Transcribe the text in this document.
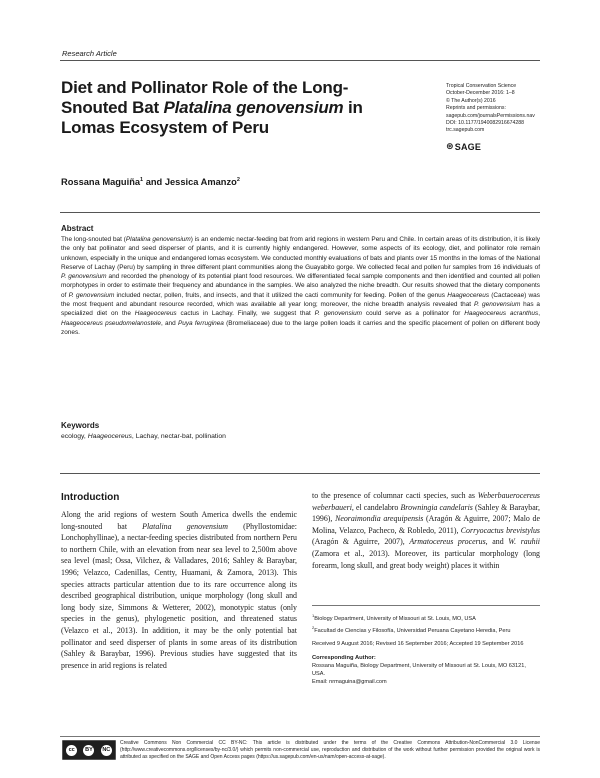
Research Article
Diet and Pollinator Role of the Long-Snouted Bat Platalina genovensium in Lomas Ecosystem of Peru
Tropical Conservation Science
October-December 2016: 1–8
© The Author(s) 2016
Reprints and permissions:
sagepub.com/journalsPermissions.nav
DOI: 10.1177/1940082916674288
trc.sagepub.com
⊛ SAGE
Rossana Maguiña$^1$ and Jessica Amanzo$^2$
Abstract
The long-snouted bat (Platalina genovensium) is an endemic nectar-feeding bat from arid regions in western Peru and Chile. In certain areas of its distribution, it is likely the only bat pollinator and seed disperser of plants, and it is currently highly endangered. However, some aspects of its ecology, diet, and pollinator role remain unknown, especially in the unique and endangered lomas ecosystem. We conducted monthly evaluations of bats and plants over 15 months in the lomas of the National Reserve of Lachay (Peru) by sampling in three different plant communities along the Guayabito gorge. We collected fecal and pollen fur samples from 16 individuals of P. genovensium and recorded the phenology of its potential plant food resources. We differentiated fecal sample components and then identified and counted all pollen morphotypes in order to estimate their frequency and abundance in the samples. We also analyzed the niche breadth. Our results showed that the dietary components of P. genovensium included nectar, pollen, fruits, and insects, and that it utilized the cacti community for feeding. Pollen of the genus Haageocereus (Cactaceae) was the most frequent and abundant resource recorded, which was available all year long; moreover, the niche breadth analysis revealed that P. genovensium has a specialized diet on the Haageocereus cactus in Lachay. Finally, we suggest that P. genovensium could serve as a pollinator for Haageocereus acranthus, Haageocereus pseudomelanostele, and Puya ferruginea (Bromeliaceae) due to the large pollen loads it carries and the specific placement of pollen on different body zones.
Keywords
ecology, Haageocereus, Lachay, nectar-bat, pollination
Introduction
Along the arid regions of western South America dwells the endemic long-snouted bat Platalina genovensium (Phyllostomidae: Lonchophyllinae), a nectar-feeding species distributed from northern Peru to northern Chile, with an elevation from near sea level to 2,500m above sea level (masl; Ossa, Vilchez, & Valladares, 2016; Sahley & Baraybar, 1996; Velazco, Cadenillas, Centty, Huamani, & Zamora, 2013). This species attracts particular attention due to its rare occurrence along its described geographical distribution, unique morphology (long skull and long body size, Simmons & Wetterer, 2002), monotypic status (only species in the genus), phylogenetic position, and threatened status (Velazco et al., 2013). In addition, it may be the only potential bat pollinator and seed disperser of plants in some areas of its distribution (Sahley & Baraybar, 1996). Previous studies have suggested that its presence in arid regions is related
to the presence of columnar cacti species, such as Weberbauerocereus weberbaueri, el candelabro Browningia candelaris (Sahley & Baraybar, 1996), Neoraimondia arequipensis (Aragón & Aguirre, 2007; Malo de Molina, Velazco, Pacheco, & Robledo, 2011), Corryocactus brevistylus (Aragón & Aguirre, 2007), Armatocereus procerus, and W. rauhii (Zamora et al., 2013). Moreover, its particular morphology (long forearm, long skull, and great body weight) places it within
$^1$Biology Department, University of Missouri at St. Louis, MO, USA
$^2$Facultad de Ciencias y Filosofía, Universidad Peruana Cayetano Heredia, Peru
Received 9 August 2016; Revised 16 September 2016; Accepted 19 September 2016
Corresponding Author:
Rossana Maguiña, Biology Department, University of Missouri at St. Louis, MO 63121, USA.
Email: nrmaguina@gmail.com
cc	BY	NC
Creative Commons Non Commercial CC BY-NC: This article is distributed under the terms of the Creative Commons Attribution-NonCommercial 3.0 License (http://www.creativecommons.org/licenses/by-nc/3.0/) which permits non-commercial use, reproduction and distribution of the work without further permission provided the original work is attributed as specified on the SAGE and Open Access pages (https://us.sagepub.com/en-us/nam/open-access-at-sage).
